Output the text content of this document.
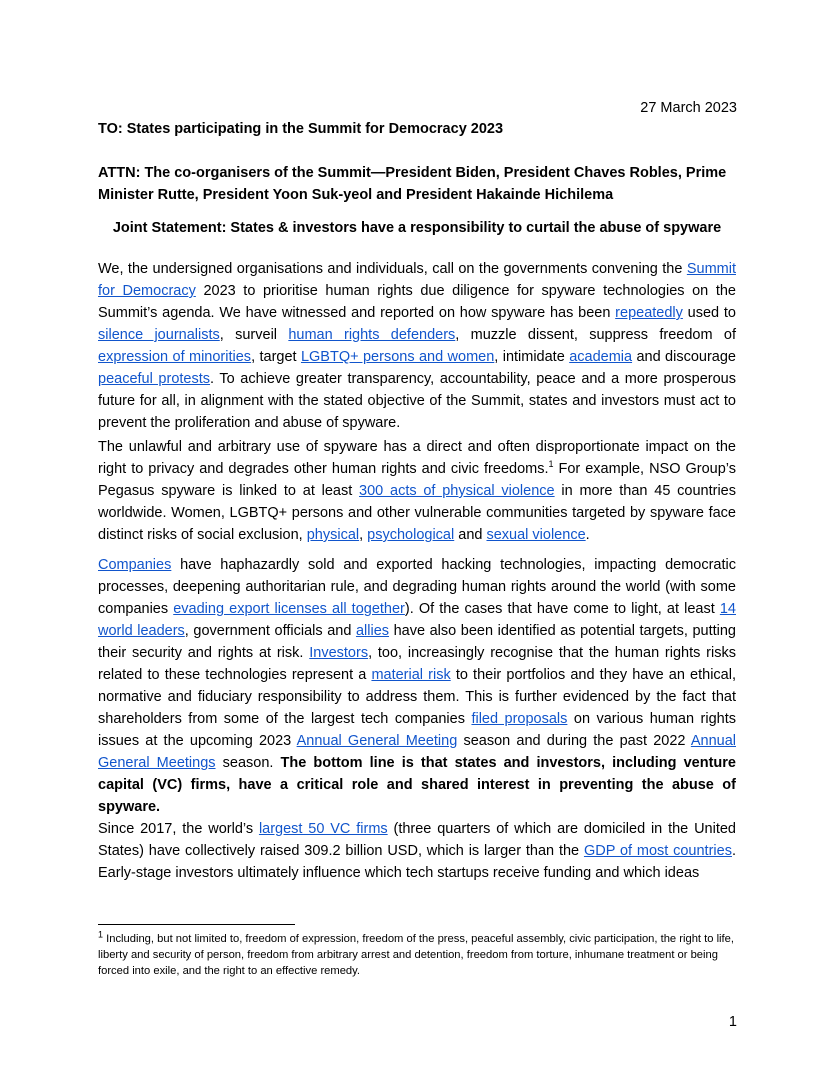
27 March 2023
TO: States participating in the Summit for Democracy 2023
ATTN: The co-organisers of the Summit—President Biden, President Chaves Robles, Prime Minister Rutte, President Yoon Suk-yeol and President Hakainde Hichilema
Joint Statement: States & investors have a responsibility to curtail the abuse of spyware
We, the undersigned organisations and individuals, call on the governments convening the Summit for Democracy 2023 to prioritise human rights due diligence for spyware technologies on the Summit’s agenda. We have witnessed and reported on how spyware has been repeatedly used to silence journalists, surveil human rights defenders, muzzle dissent, suppress freedom of expression of minorities, target LGBTQ+ persons and women, intimidate academia and discourage peaceful protests. To achieve greater transparency, accountability, peace and a more prosperous future for all, in alignment with the stated objective of the Summit, states and investors must act to prevent the proliferation and abuse of spyware.
The unlawful and arbitrary use of spyware has a direct and often disproportionate impact on the right to privacy and degrades other human rights and civic freedoms.$^1$ For example, NSO Group’s Pegasus spyware is linked to at least 300 acts of physical violence in more than 45 countries worldwide. Women, LGBTQ+ persons and other vulnerable communities targeted by spyware face distinct risks of social exclusion, physical, psychological and sexual violence.
Companies have haphazardly sold and exported hacking technologies, impacting democratic processes, deepening authoritarian rule, and degrading human rights around the world (with some companies evading export licenses all together). Of the cases that have come to light, at least 14 world leaders, government officials and allies have also been identified as potential targets, putting their security and rights at risk. Investors, too, increasingly recognise that the human rights risks related to these technologies represent a material risk to their portfolios and they have an ethical, normative and fiduciary responsibility to address them. This is further evidenced by the fact that shareholders from some of the largest tech companies filed proposals on various human rights issues at the upcoming 2023 Annual General Meeting season and during the past 2022 Annual General Meetings season. The bottom line is that states and investors, including venture capital (VC) firms, have a critical role and shared interest in preventing the abuse of spyware.
Since 2017, the world’s largest 50 VC firms (three quarters of which are domiciled in the United States) have collectively raised 309.2 billion USD, which is larger than the GDP of most countries. Early-stage investors ultimately influence which tech startups receive funding and which ideas
$^1$ Including, but not limited to, freedom of expression, freedom of the press, peaceful assembly, civic participation, the right to life, liberty and security of person, freedom from arbitrary arrest and detention, freedom from torture, inhumane treatment or being forced into exile, and the right to an effective remedy.
1
